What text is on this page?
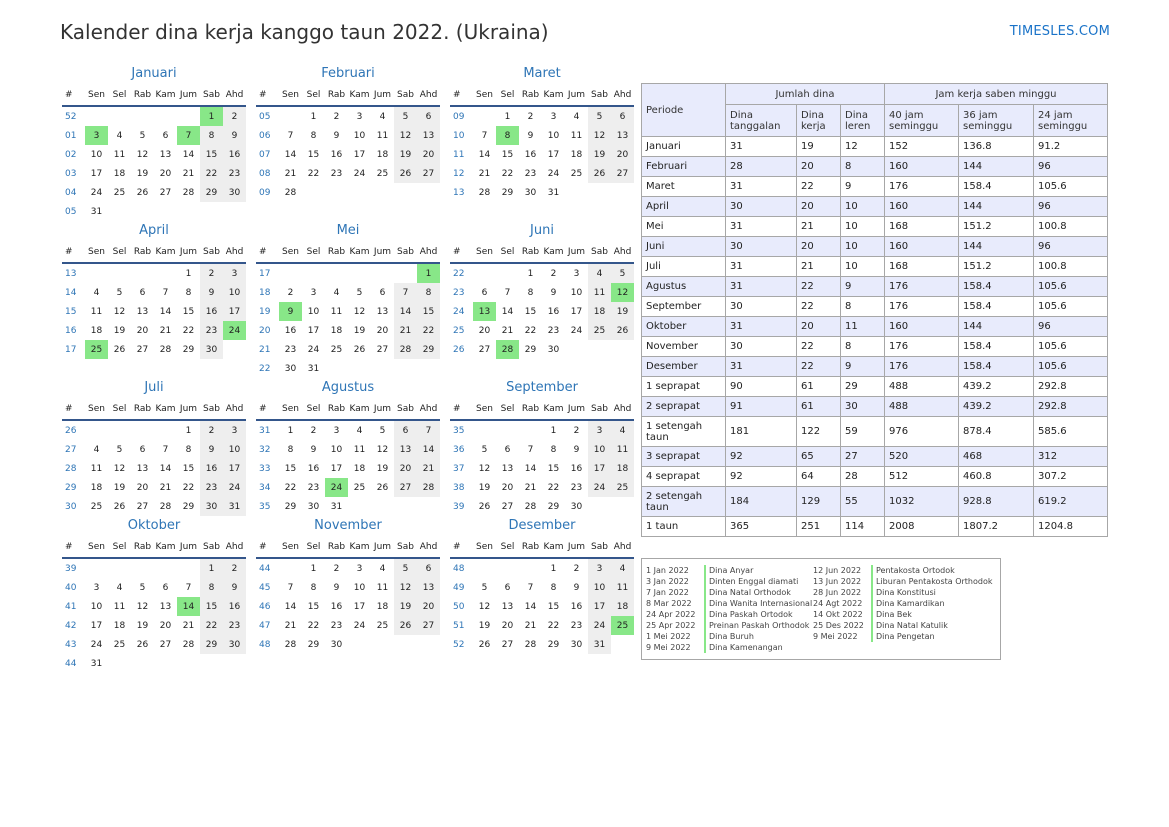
Kalender dina kerja kanggo taun 2022. (Ukraina)	TIMESLES.COM
Januari
#	Sen	Sel	Rab	Kam	Jum	Sab	Ahd
52						1	2
01	3	4	5	6	7	8	9
02	10	11	12	13	14	15	16
03	17	18	19	20	21	22	23
04	24	25	26	27	28	29	30
05	31						
Februari
#	Sen	Sel	Rab	Kam	Jum	Sab	Ahd
05		1	2	3	4	5	6
06	7	8	9	10	11	12	13
07	14	15	16	17	18	19	20
08	21	22	23	24	25	26	27
09	28						
Maret
#	Sen	Sel	Rab	Kam	Jum	Sab	Ahd
09		1	2	3	4	5	6
10	7	8	9	10	11	12	13
11	14	15	16	17	18	19	20
12	21	22	23	24	25	26	27
13	28	29	30	31			
April
#	Sen	Sel	Rab	Kam	Jum	Sab	Ahd
13					1	2	3
14	4	5	6	7	8	9	10
15	11	12	13	14	15	16	17
16	18	19	20	21	22	23	24
17	25	26	27	28	29	30	
Mei
#	Sen	Sel	Rab	Kam	Jum	Sab	Ahd
17							1
18	2	3	4	5	6	7	8
19	9	10	11	12	13	14	15
20	16	17	18	19	20	21	22
21	23	24	25	26	27	28	29
22	30	31					
Juni
#	Sen	Sel	Rab	Kam	Jum	Sab	Ahd
22			1	2	3	4	5
23	6	7	8	9	10	11	12
24	13	14	15	16	17	18	19
25	20	21	22	23	24	25	26
26	27	28	29	30			
Juli
#	Sen	Sel	Rab	Kam	Jum	Sab	Ahd
26					1	2	3
27	4	5	6	7	8	9	10
28	11	12	13	14	15	16	17
29	18	19	20	21	22	23	24
30	25	26	27	28	29	30	31
Agustus
#	Sen	Sel	Rab	Kam	Jum	Sab	Ahd
31	1	2	3	4	5	6	7
32	8	9	10	11	12	13	14
33	15	16	17	18	19	20	21
34	22	23	24	25	26	27	28
35	29	30	31				
September
#	Sen	Sel	Rab	Kam	Jum	Sab	Ahd
35				1	2	3	4
36	5	6	7	8	9	10	11
37	12	13	14	15	16	17	18
38	19	20	21	22	23	24	25
39	26	27	28	29	30		
Oktober
#	Sen	Sel	Rab	Kam	Jum	Sab	Ahd
39						1	2
40	3	4	5	6	7	8	9
41	10	11	12	13	14	15	16
42	17	18	19	20	21	22	23
43	24	25	26	27	28	29	30
44	31						
November
#	Sen	Sel	Rab	Kam	Jum	Sab	Ahd
44		1	2	3	4	5	6
45	7	8	9	10	11	12	13
46	14	15	16	17	18	19	20
47	21	22	23	24	25	26	27
48	28	29	30				
Desember
#	Sen	Sel	Rab	Kam	Jum	Sab	Ahd
48				1	2	3	4
49	5	6	7	8	9	10	11
50	12	13	14	15	16	17	18
51	19	20	21	22	23	24	25
52	26	27	28	29	30	31	
Periode	Jumlah dina			Jam kerja saben minggu		
	Dina tanggalan	Dina kerja	Dina leren	40 jam seminggu	36 jam seminggu	24 jam seminggu
Januari	31	19	12	152	136.8	91.2
Februari	28	20	8	160	144	96
Maret	31	22	9	176	158.4	105.6
April	30	20	10	160	144	96
Mei	31	21	10	168	151.2	100.8
Juni	30	20	10	160	144	96
Juli	31	21	10	168	151.2	100.8
Agustus	31	22	9	176	158.4	105.6
September	30	22	8	176	158.4	105.6
Oktober	31	20	11	160	144	96
November	30	22	8	176	158.4	105.6
Desember	31	22	9	176	158.4	105.6
1 seprapat	90	61	29	488	439.2	292.8
2 seprapat	91	61	30	488	439.2	292.8
1 setengah taun	181	122	59	976	878.4	585.6
3 seprapat	92	65	27	520	468	312
4 seprapat	92	64	28	512	460.8	307.2
2 setengah taun	184	129	55	1032	928.8	619.2
1 taun	365	251	114	2008	1807.2	1204.8
1 Jan 2022	Dina Anyar
3 Jan 2022	Dinten Enggal diamati
7 Jan 2022	Dina Natal Orthodok
8 Mar 2022 Dina Wanita Internasional
24 Apr 2022 Dina Paskah Ortodok
25 Apr 2022 Preinan Paskah Orthodok
1 Mei 2022 Dina Buruh
9 Mei 2022 Dina Kamenangan
12 Jun 2022 Pentakosta Ortodok
13 Jun 2022 Liburan Pentakosta Orthodok
28 Jun 2022 Dina Konstitusi
24 Agt 2022 Dina Kamardikan
14 Okt 2022 Dina Bek
25 Des 2022 Dina Natal Katulik
9 Mei 2022 Dina Pengetan
